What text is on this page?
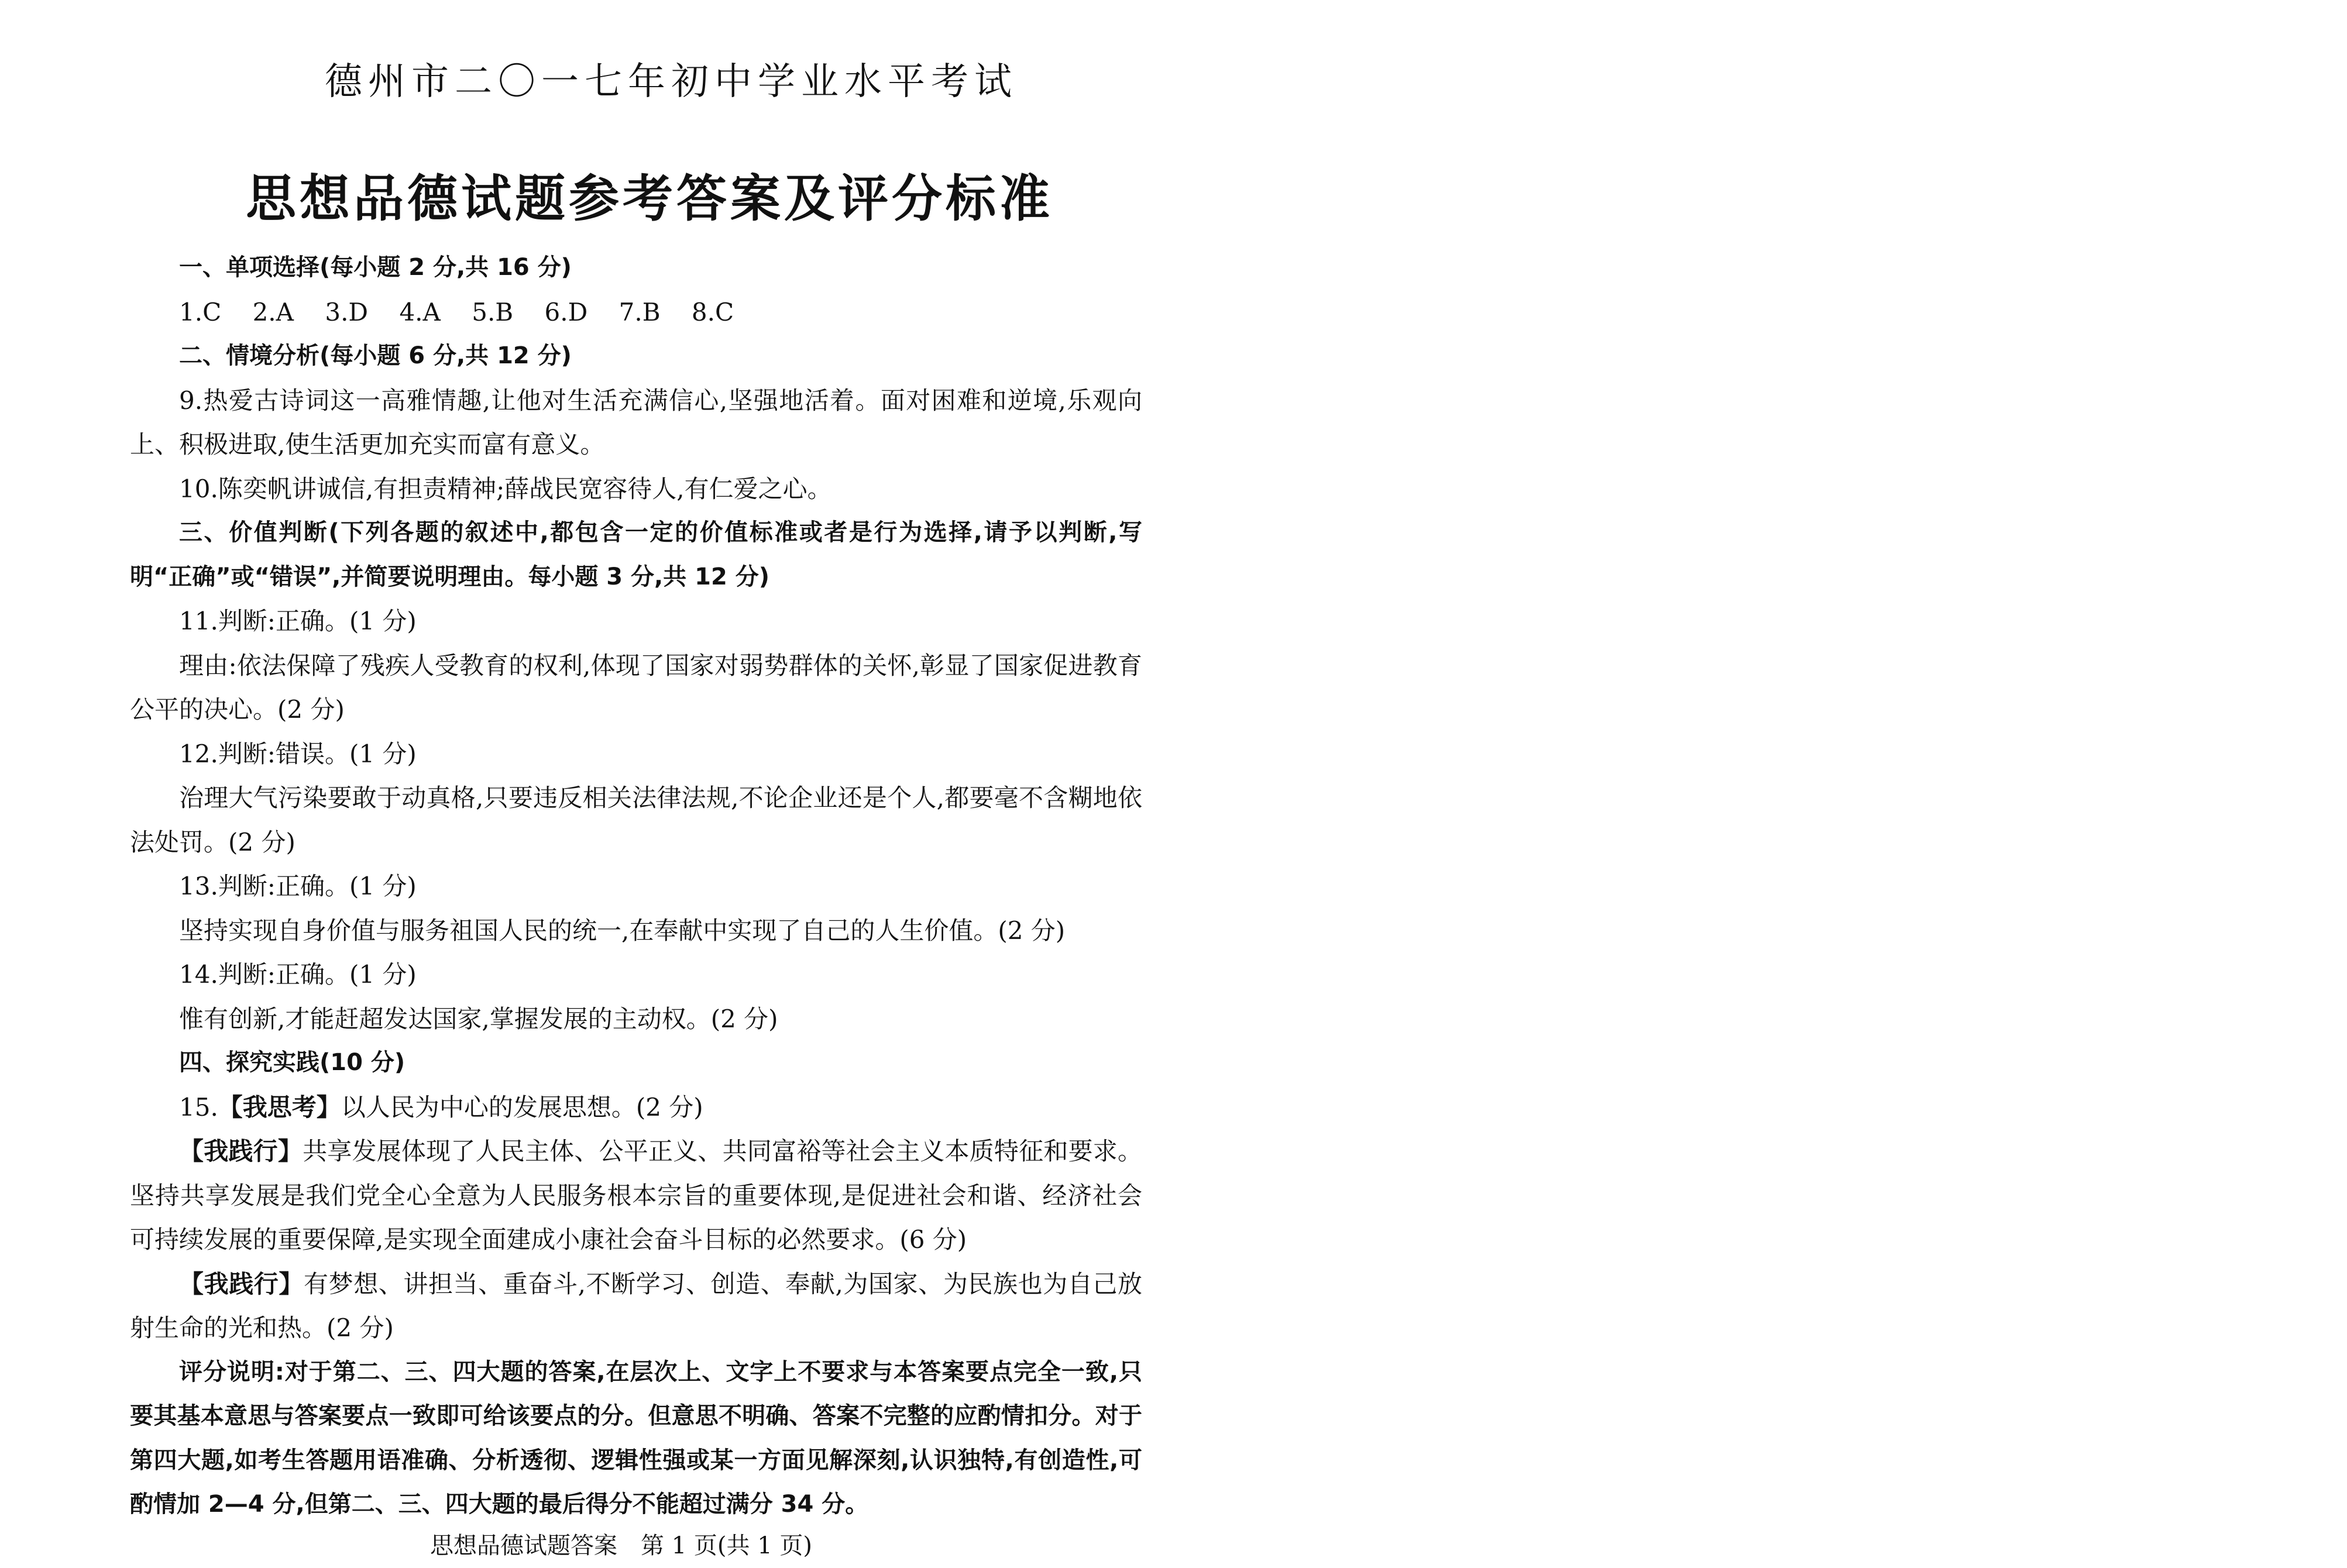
德州市二〇一七年初中学业水平考试
思想品德试题参考答案及评分标准

一、单项选择(每小题 2 分,共 16 分)

1.C 2.A 3.D 4.A 5.B 6.D 7.B 8.C

二、情境分析(每小题 6 分,共 12 分)

9.热爱古诗词这一高雅情趣,让他对生活充满信心,坚强地活着。面对困难和逆境,乐观向上、积极进取,使生活更加充实而富有意义。

10.陈奕帆讲诚信,有担责精神;薛战民宽容待人,有仁爱之心。

三、价值判断(下列各题的叙述中,都包含一定的价值标准或者是行为选择,请予以判断,写明“正确”或“错误”,并简要说明理由。每小题 3 分,共 12 分)

11.判断:正确。(1 分)

理由:依法保障了残疾人受教育的权利,体现了国家对弱势群体的关怀,彰显了国家促进教育公平的决心。(2 分)

12.判断:错误。(1 分)

治理大气污染要敢于动真格,只要违反相关法律法规,不论企业还是个人,都要毫不含糊地依法处罚。(2 分)

13.判断:正确。(1 分)

坚持实现自身价值与服务祖国人民的统一,在奉献中实现了自己的人生价值。(2 分)

14.判断:正确。(1 分)

惟有创新,才能赶超发达国家,掌握发展的主动权。(2 分)

四、探究实践(10 分)

15.【我思考】以人民为中心的发展思想。(2 分)

【我践行】共享发展体现了人民主体、公平正义、共同富裕等社会主义本质特征和要求。坚持共享发展是我们党全心全意为人民服务根本宗旨的重要体现,是促进社会和谐、经济社会可持续发展的重要保障,是实现全面建成小康社会奋斗目标的必然要求。(6 分)

【我践行】有梦想、讲担当、重奋斗,不断学习、创造、奉献,为国家、为民族也为自己放射生命的光和热。(2 分)

评分说明:对于第二、三、四大题的答案,在层次上、文字上不要求与本答案要点完全一致,只要其基本意思与答案要点一致即可给该要点的分。但意思不明确、答案不完整的应酌情扣分。对于第四大题,如考生答题用语准确、分析透彻、逻辑性强或某一方面见解深刻,认识独特,有创造性,可酌情加 2—4 分,但第二、三、四大题的最后得分不能超过满分 34 分。

思想品德试题答案　第 1 页(共 1 页)
